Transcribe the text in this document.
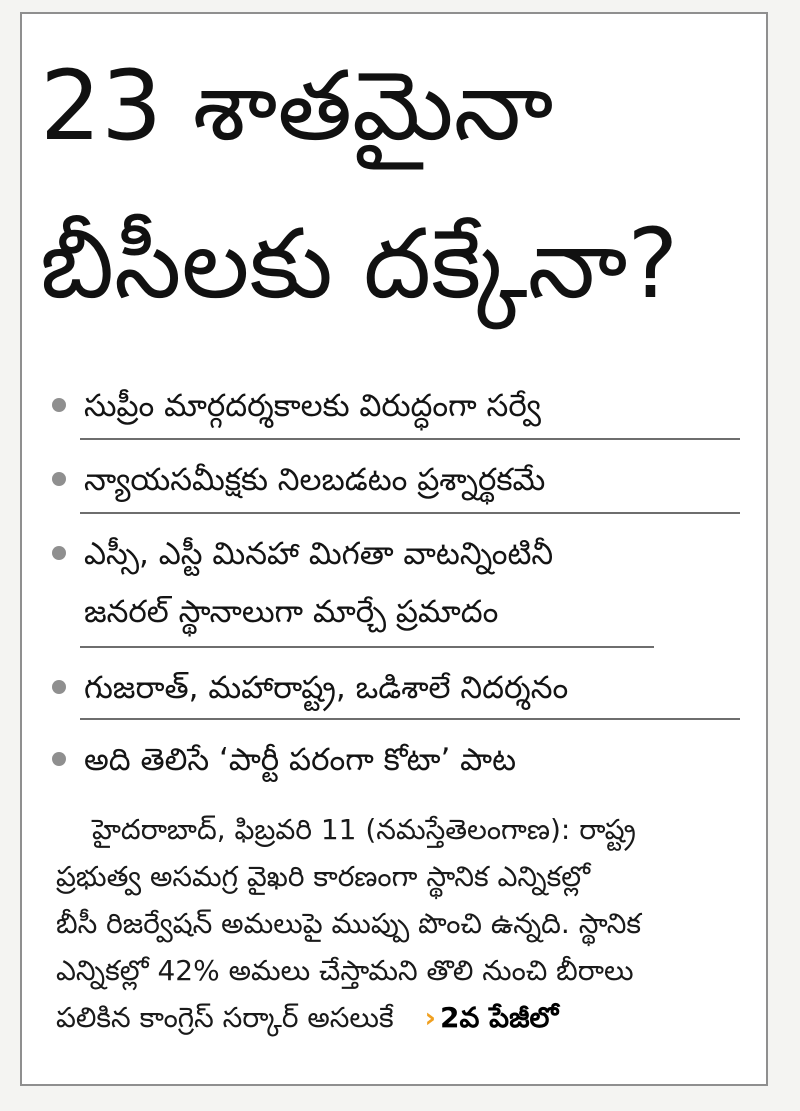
23 శాతమైనా
బీసీలకు దక్కేనా?
సుప్రీం మార్గదర్శకాలకు విరుద్ధంగా సర్వే
న్యాయసమీక్షకు నిలబడటం ప్రశ్నార్థకమే
ఎస్సీ, ఎస్టీ మినహా మిగతా వాటన్నింటినీ
జనరల్ స్థానాలుగా మార్చే ప్రమాదం
గుజరాత్, మహారాష్ట్ర, ఒడిశాలే నిదర్శనం
అది తెలిసే ‘పార్టీ పరంగా కోటా’ పాట
హైదరాబాద్, ఫిబ్రవరి 11 (నమస్తేతెలంగాణ): రాష్ట్ర
ప్రభుత్వ అసమగ్ర వైఖరి కారణంగా స్థానిక ఎన్నికల్లో
బీసీ రిజర్వేషన్ అమలుపై ముప్పు పొంచి ఉన్నది. స్థానిక
ఎన్నికల్లో 42% అమలు చేస్తామని తొలి నుంచి బీరాలు
పలికిన కాంగ్రెస్ సర్కార్ అసలుకే › 2వ పేజీలో
